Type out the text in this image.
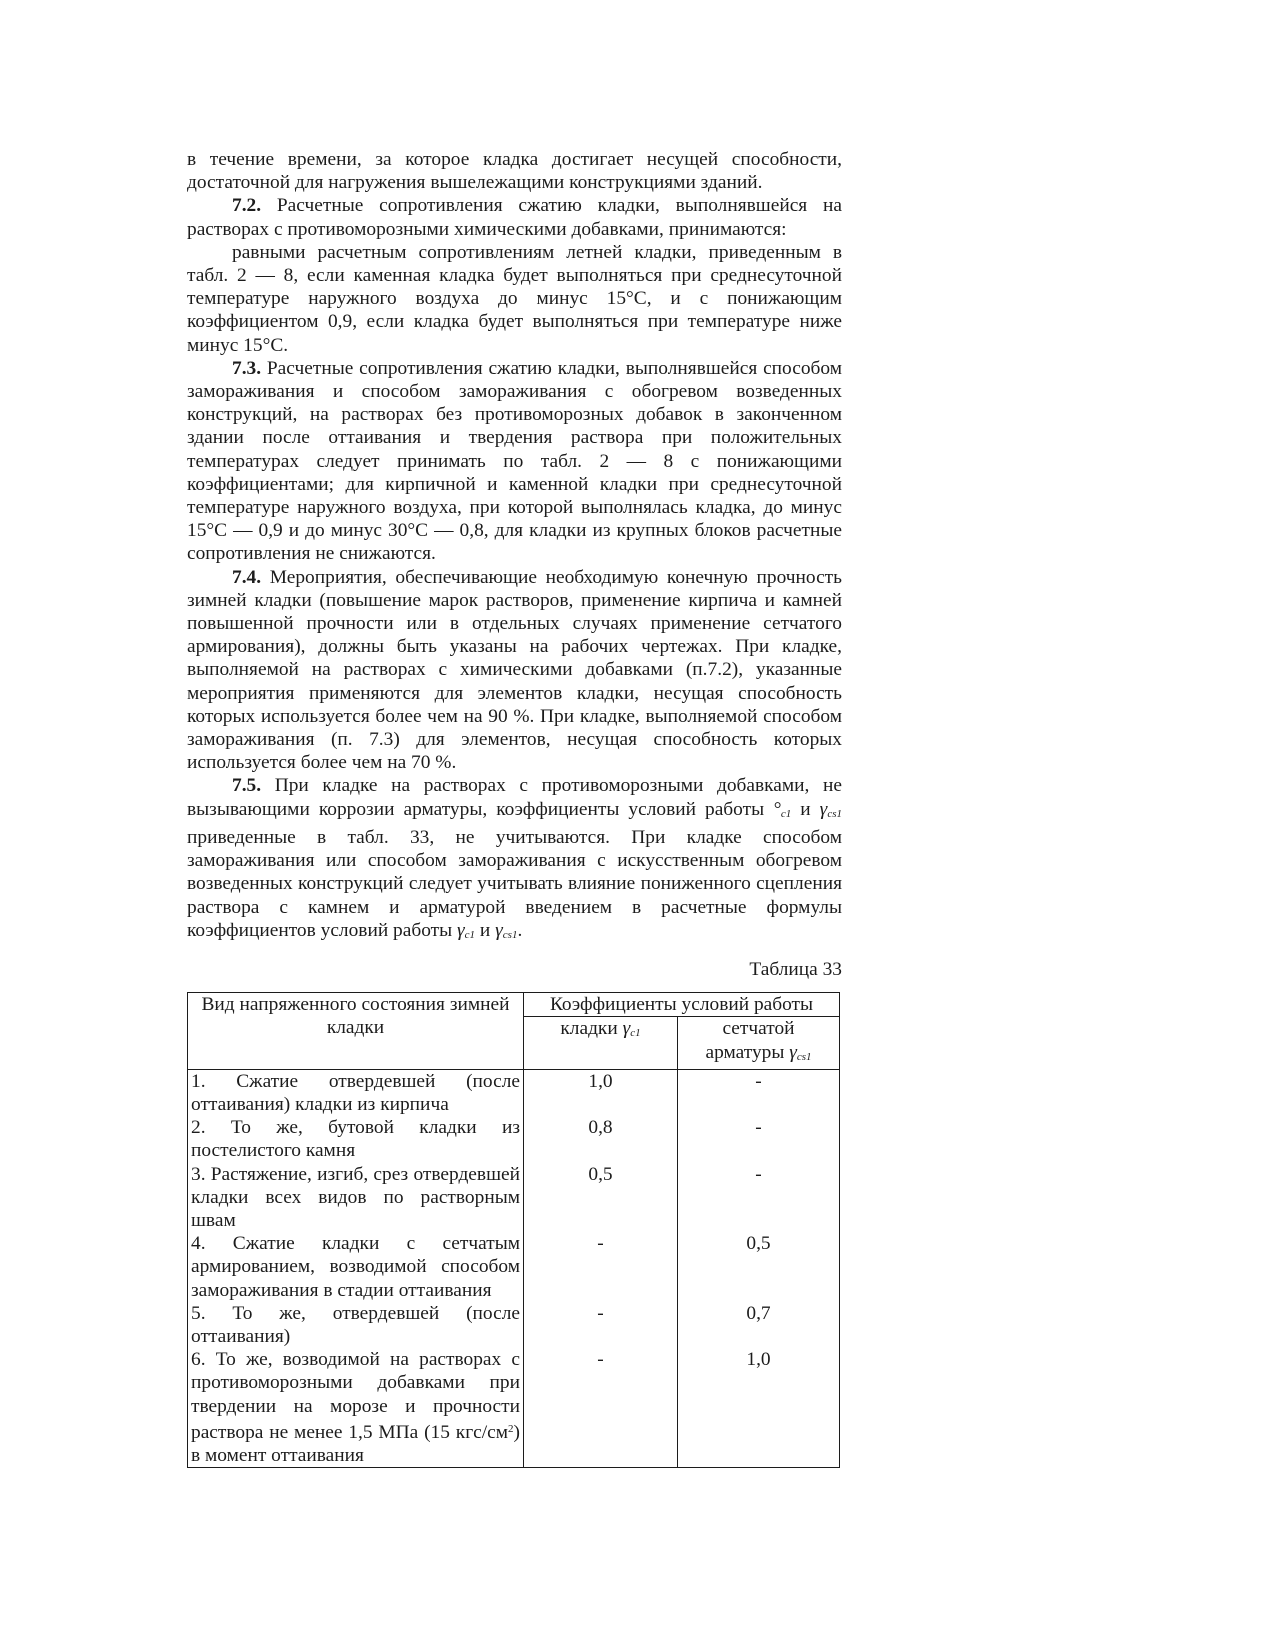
в течение времени, за которое кладка достигает несущей способности, достаточной для нагружения вышележащими конструкциями зданий.

7.2. Расчетные сопротивления сжатию кладки, выполнявшейся на растворах с противоморозными химическими добавками, принимаются:

равными расчетным сопротивлениям летней кладки, приведенным в табл. 2 — 8, если каменная кладка будет выполняться при среднесуточной температуре наружного воздуха до минус 15°С, и с понижающим коэффициентом 0,9, если кладка будет выполняться при температуре ниже минус 15°С.

7.3. Расчетные сопротивления сжатию кладки, выполнявшейся способом замораживания и способом замораживания с обогревом возведенных конструкций, на растворах без противоморозных добавок в законченном здании после оттаивания и твердения раствора при положительных температурах следует принимать по табл. 2 — 8 с понижающими коэффициентами; для кирпичной и каменной кладки при среднесуточной температуре наружного воздуха, при которой выполнялась кладка, до минус 15°С — 0,9 и до минус 30°С — 0,8, для кладки из крупных блоков расчетные сопротивления не снижаются.

7.4. Мероприятия, обеспечивающие необходимую конечную прочность зимней кладки (повышение марок растворов, применение кирпича и камней повышенной прочности или в отдельных случаях применение сетчатого армирования), должны быть указаны на рабочих чертежах. При кладке, выполняемой на растворах с химическими добавками (п.7.2), указанные мероприятия применяются для элементов кладки, несущая способность которых используется более чем на 90 %. При кладке, выполняемой способом замораживания (п. 7.3) для элементов, несущая способность которых используется более чем на 70 %.

7.5. При кладке на растворах с противоморозными добавками, не вызывающими коррозии арматуры, коэффициенты условий работы $^\circ_{c1}$ и $\gamma_{cs1}$ приведенные в табл. 33, не учитываются. При кладке способом замораживания или способом замораживания с искусственным обогревом возведенных конструкций следует учитывать влияние пониженного сцепления раствора с камнем и арматурой введением в расчетные формулы коэффициентов условий работы $\gamma_{c1}$ и $\gamma_{cs1}$.

Таблица 33
Вид напряженного состояния зимней кладки	Коэффициенты условий работы	
	кладки $\gamma_{c1}$	сетчатой арматуры $\gamma_{cs1}$
1. Сжатие отвердевшей (после оттаивания) кладки из кирпича	1,0	-
2. То же, бутовой кладки из постелистого камня	0,8	-
3. Растяжение, изгиб, срез отвердевшей кладки всех видов по растворным швам	0,5	-
4. Сжатие кладки с сетчатым армированием, возводимой способом замораживания в стадии оттаивания	-	0,5
5. То же, отвердевшей (после оттаивания)	-	0,7
6. То же, возводимой на растворах с противоморозными добавками при твердении на морозе и прочности раствора не менее 1,5 МПа (15 кгс/$см^2$) в момент оттаивания	-	1,0
